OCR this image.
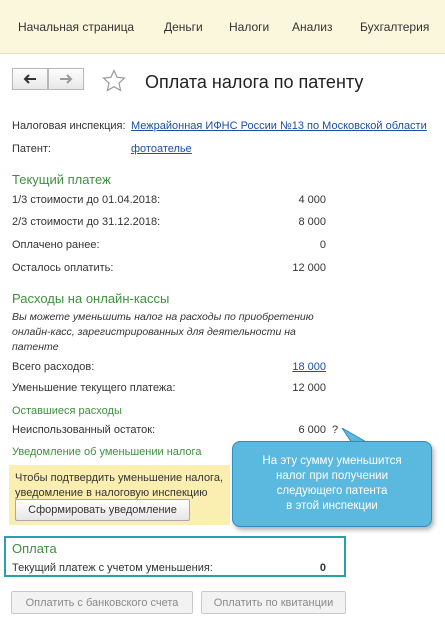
Начальная страница Деньги Налоги Анализ Бухгалтерия
Оплата налога по патенту
Налоговая инспекция: Межрайонная ИФНС России №13 по Московской области
Патент:	фотоателье
Текущий платеж
1/3 стоимости до 01.04.2018:	4 000
2/3 стоимости до 31.12.2018:	8 000
Оплачено ранее:	0
Осталось оплатить:	12 000
Расходы на онлайн-кассы
Вы можете уменьшить налог на расходы по приобретению онлайн-касс, зарегистрированных для деятельности на патенте
Всего расходов:	18 000
Уменьшение текущего платежа:	12 000
Оставшиеся расходы
Неиспользованный остаток:	6 000 ?
Уведомление об уменьшении налога
Чтобы подтвердить уменьшение налога,
уведомление в налоговую инспекцию
Сформировать уведомление
На эту сумму уменьшится
налог при получении
следующего патента
в этой инспекции
Оплата
Текущий платеж с учетом уменьшения:	0
Оплатить с банковского счета	Оплатить по квитанции
